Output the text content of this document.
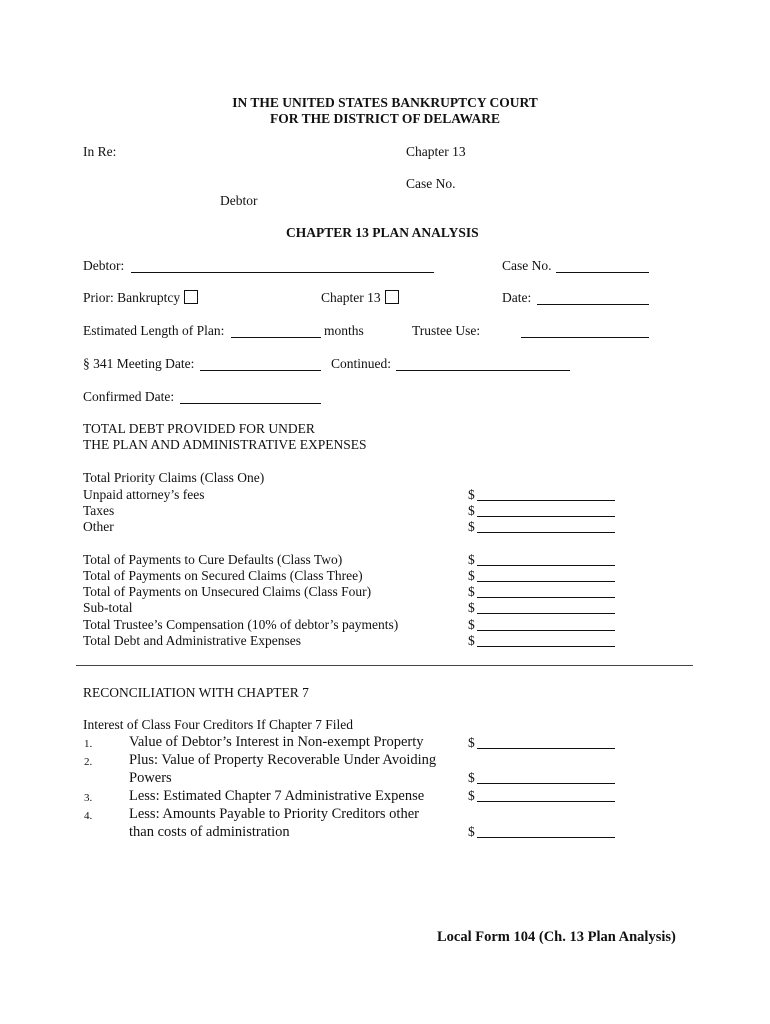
IN THE UNITED STATES BANKRUPTCY COURT
FOR THE DISTRICT OF DELAWARE
In Re:	Chapter 13
Case No.
Debtor
CHAPTER 13 PLAN ANALYSIS
Debtor:	Case No.
Prior: Bankruptcy	Chapter 13	Date:
Estimated Length of Plan:	months	Trustee Use:
§ 341 Meeting Date:	Continued:
Confirmed Date:
TOTAL DEBT PROVIDED FOR UNDER
THE PLAN AND ADMINISTRATIVE EXPENSES
Total Priority Claims (Class One)
Unpaid attorney’s fees	$
Taxes	$
Other	$
Total of Payments to Cure Defaults (Class Two)	$
Total of Payments on Secured Claims (Class Three)	$
Total of Payments on Unsecured Claims (Class Four)	$
Sub-total	$
Total Trustee’s Compensation (10% of debtor’s payments)	$
Total Debt and Administrative Expenses	$
RECONCILIATION WITH CHAPTER 7
Interest of Class Four Creditors If Chapter 7 Filed
1.	Value of Debtor’s Interest in Non-exempt Property	$
2.	Plus: Value of Property Recoverable Under Avoiding
Powers	$
3.	Less: Estimated Chapter 7 Administrative Expense	$
4.	Less: Amounts Payable to Priority Creditors other
than costs of administration	$
Local Form 104 (Ch. 13 Plan Analysis)
